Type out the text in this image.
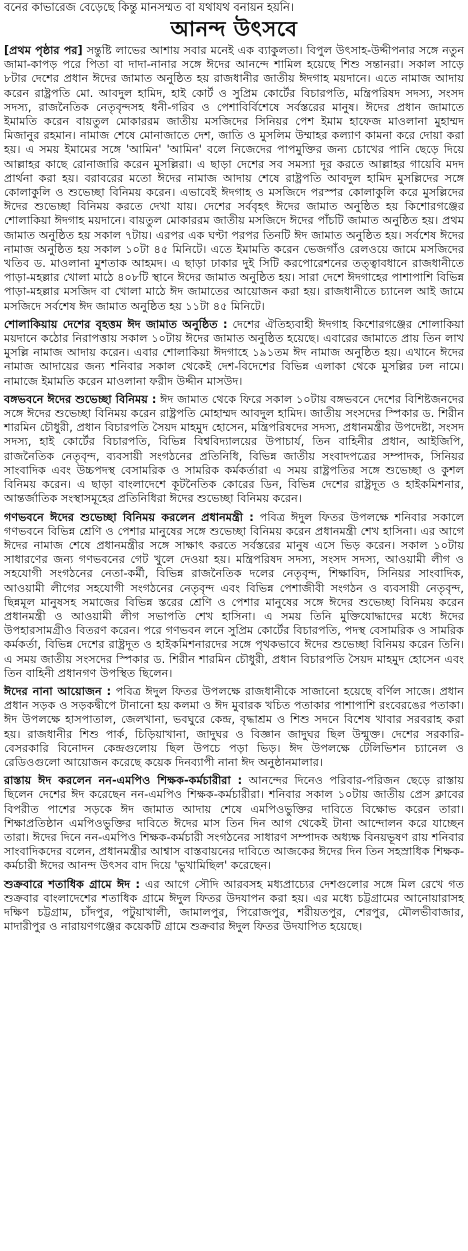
বনের কাভারেজ বেড়েছে কিন্তু মানসম্মত বা যথাযথ বনায়ন হয়নি।
আনন্দ উৎসবে

[প্রথম পৃষ্ঠার পর] সন্তুষ্টি লাভের আশায় সবার মনেই এক ব্যাকুলতা। বিপুল উৎসাহ-উদ্দীপনার সঙ্গে নতুন জামা-কাপড় পরে পিতা বা দাদা-নানার সঙ্গে ঈদের আনন্দে শামিল হয়েছে শিশু সন্তানরা। সকাল সাড়ে ৮টার দেশের প্রধান ঈদের জামাত অনুষ্ঠিত হয় রাজধানীর জাতীয় ঈদগাহ ময়দানে। এতে নামাজ আদায় করেন রাষ্ট্রপতি মো. আবদুল হামিদ, হাই কোর্ট ও সুপ্রিম কোর্টের বিচারপতি, মন্ত্রিপরিষদ সদস্য, সংসদ সদস্য, রাজনৈতিক নেতৃবৃন্দসহ ধনী-গরিব ও পেশাবির্বিশেষে সর্বস্তরের মানুষ। ঈদের প্রধান জামাতে ইমামতি করেন বায়তুল মোকাররম জাতীয় মসজিদের সিনিয়র পেশ ইমাম হাফেজ মাওলানা মুহাম্মদ মিজানুর রহমান। নামাজ শেষে মোনাজাতে দেশ, জাতি ও মুসলিম উম্মাহর কল্যাণ কামনা করে দোয়া করা হয়। এ সময় ইমামের সঙ্গে 'আমিন' 'আমিন' বলে নিজেদের পাপমুক্তির জন্য চোখের পানি ছেড়ে দিয়ে আল্লাহর কাছে রোনাজারি করেন মুসল্লিরা। এ ছাড়া দেশের সব সমস্যা দূর করতে আল্লাহর গায়েবি মদদ প্রার্থনা করা হয়। বরাবরের মতো ঈদের নামাজ আদায় শেষে রাষ্ট্রপতি আবদুল হামিদ মুসল্লিদের সঙ্গে কোলাকুলি ও শুভেচ্ছা বিনিময় করেন। এভাবেই ঈদগাহ ও মসজিদে পরস্পর কোলাকুলি করে মুসল্লিদের ঈদের শুভেচ্ছা বিনিময় করতে দেখা যায়। দেশের সর্ববৃহৎ ঈদের জামাত অনুষ্ঠিত হয় কিশোরগঞ্জের শোলাকিয়া ঈদগাহ ময়দানে। বায়তুল মোকাররম জাতীয় মসজিদে ঈদের পাঁচটি জামাত অনুষ্ঠিত হয়। প্রথম জামাত অনুষ্ঠিত হয় সকাল ৭টায়। এরপর এক ঘণ্টা পরপর তিনটি ঈদ জামাত অনুষ্ঠিত হয়। সর্বশেষ ঈদের নামাজ অনুষ্ঠিত হয় সকাল ১০টা ৪৫ মিনিটে। এতে ইমামতি করেন ভেজগাঁও রেলওয়ে জামে মসজিদের খতিব ড. মাওলানা মুশতাক আহমদ। এ ছাড়া ঢাকার দুই সিটি করপোরেশনের তত্ত্বাবধানে রাজধানীতে পাড়া-মহল্লার খোলা মাঠে ৪০৮টি স্থানে ঈদের জামাত অনুষ্ঠিত হয়। সারা দেশে ঈদগাহের পাশাপাশি বিভিন্ন পাড়া-মহল্লার মসজিদ বা খোলা মাঠে ঈদ জামাতের আয়োজন করা হয়। রাজধানীতে চ্যানেল আই জামে মসজিদে সর্বশেষ ঈদ জামাত অনুষ্ঠিত হয় ১১টা ৪৫ মিনিটে।

শোলাকিয়ায় দেশের বৃহত্তম ঈদ জামাত অনুষ্ঠিত : দেশের ঐতিহ্যবাহী ঈদগাহ কিশোরগঞ্জের শোলাকিয়া ময়দানে কঠোর নিরাপত্তায় সকাল ১০টায় ঈদের জামাত অনুষ্ঠিত হয়েছে। এবারের জামাতে প্রায় তিন লাখ মুসল্লি নামাজ আদায় করেন। এবার শোলাকিয়া ঈদগাহে ১৯১তম ঈদ নামাজ অনুষ্ঠিত হয়। এখানে ঈদের নামাজ আদায়ের জন্য শনিবার সকাল থেকেই দেশ-বিদেশের বিভিন্ন এলাকা থেকে মুসল্লির ঢল নামে। নামাজে ইমামতি করেন মাওলানা ফরীদ উদ্দীন মাসউদ।

বঙ্গভবনে ঈদের শুভেচ্ছা বিনিময় : ঈদ জামাত থেকে ফিরে সকাল ১০টায় বঙ্গভবনে দেশের বিশিষ্টজনদের সঙ্গে ঈদের শুভেচ্ছা বিনিময় করেন রাষ্ট্রপতি মোহাম্মদ আবদুল হামিদ। জাতীয় সংসদের স্পিকার ড. শিরীন শারমিন চৌধুরী, প্রধান বিচারপতি সৈয়দ মাহমুদ হোসেন, মন্ত্রিপরিষদের সদস্য, প্রধানমন্ত্রীর উপদেষ্টা, সংসদ সদস্য, হাই কোর্টের বিচারপতি, বিভিন্ন বিশ্ববিদ্যালয়ের উপাচার্য, তিন বাহিনীর প্রধান, আইজিপি, রাজনৈতিক নেতৃবৃন্দ, ব্যবসায়ী সংগঠনের প্রতিনিধি, বিভিন্ন জাতীয় সংবাদপত্রের সম্পাদক, সিনিয়র সাংবাদিক এবং উচ্চপদস্থ বেসামরিক ও সামরিক কর্মকর্তারা এ সময় রাষ্ট্রপতির সঙ্গে শুভেচ্ছা ও কুশল বিনিময় করেন। এ ছাড়া বাংলাদেশে কূটনৈতিক কোরের ডিন, বিভিন্ন দেশের রাষ্ট্রদূত ও হাইকমিশনার, আন্তর্জাতিক সংস্থাসমূহের প্রতিনিধিরা ঈদের শুভেচ্ছা বিনিময় করেন।

গণভবনে ঈদের শুভেচ্ছা বিনিময় করলেন প্রধানমন্ত্রী : পবিত্র ঈদুল ফিতর উপলক্ষে শনিবার সকালে গণভবনে বিভিন্ন শ্রেণি ও পেশার মানুষের সঙ্গে শুভেচ্ছা বিনিময় করেন প্রধানমন্ত্রী শেখ হাসিনা। এর আগে ঈদের নামাজ শেষে প্রধানমন্ত্রীর সঙ্গে সাক্ষাৎ করতে সর্বস্তরের মানুষ এসে ভিড় করেন। সকাল ১০টায় সাধারণের জন্য গণভবনের গেট খুলে দেওয়া হয়। মন্ত্রিপরিষদ সদস্য, সংসদ সদস্য, আওয়ামী লীগ ও সহযোগী সংগঠনের নেতা-কর্মী, বিভিন্ন রাজনৈতিক দলের নেতৃবৃন্দ, শিক্ষাবিদ, সিনিয়র সাংবাদিক, আওয়ামী লীগের সহযোগী সংগঠনের নেতৃবৃন্দ এবং বিভিন্ন পেশাজীবী সংগঠন ও ব্যবসায়ী নেতৃবৃন্দ, ছিন্নমূল মানুষসহ সমাজের বিভিন্ন স্তরের শ্রেণি ও পেশার মানুষের সঙ্গে ঈদের শুভেচ্ছা বিনিময় করেন প্রধানমন্ত্রী ও আওয়ামী লীগ সভাপতি শেখ হাসিনা। এ সময় তিনি মুক্তিযোদ্ধাদের মধ্যে ঈদের উপহারসামগ্রীও বিতরণ করেন। পরে গণভবন লনে সুপ্রিম কোর্টের বিচারপতি, পদস্থ বেসামরিক ও সামরিক কর্মকর্তা, বিভিন্ন দেশের রাষ্ট্রদূত ও হাইকমিশনারদের সঙ্গে পৃথকভাবে ঈদের শুভেচ্ছা বিনিময় করেন তিনি। এ সময় জাতীয় সংসদের স্পিকার ড. শিরীন শারমিন চৌধুরী, প্রধান বিচারপতি সৈয়দ মাহমুদ হোসেন এবং তিন বাহিনী প্রধানগণ উপস্থিত ছিলেন।

ঈদের নানা আয়োজন : পবিত্র ঈদুল ফিতর উপলক্ষে রাজধানীকে সাজানো হয়েছে বর্ণিল সাজে। প্রধান প্রধান সড়ক ও সড়কদ্বীপে টানানো হয় কলমা ও ঈদ মুবারক খচিত পতাকার পাশাপাশি রংবেরঙের পতাকা। ঈদ উপলক্ষে হাসপাতাল, জেলখানা, ভবঘুরে কেন্দ্র, বৃদ্ধাশ্রম ও শিশু সদনে বিশেষ খাবার সরবরাহ করা হয়। রাজধানীর শিশু পার্ক, চিড়িয়াখানা, জাদুঘর ও বিজ্ঞান জাদুঘর ছিল উন্মুক্ত। দেশের সরকারি-বেসরকারি বিনোদন কেন্দ্রগুলোয় ছিল উপচে পড়া ভিড়। ঈদ উপলক্ষে টেলিভিশন চ্যানেল ও রেডিওগুলো আয়োজন করেছে কয়েক দিনব্যাপী নানা ঈদ অনুষ্ঠানমালার।

রাস্তায় ঈদ করলেন নন-এমপিও শিক্ষক-কর্মচারীরা : আনন্দের দিনেও পরিবার-পরিজন ছেড়ে রাস্তায় ছিলেন দেশের ঈদ করেছেন নন-এমপিও শিক্ষক-কর্মচারীরা। শনিবার সকাল ১০টায় জাতীয় প্রেস ক্লাবের বিপরীত পাশের সড়কে ঈদ জামাত আদায় শেষে এমপিওভুক্তির দাবিতে বিক্ষোভ করেন তারা। শিক্ষাপ্রতিষ্ঠান এমপিওভুক্তির দাবিতে ঈদের মাস তিন দিন আগ থেকেই টানা আন্দোলন করে যাচ্ছেন তারা। ঈদের দিনে নন-এমপিও শিক্ষক-কর্মচারী সংগঠনের সাধারণ সম্পাদক অধ্যক্ষ বিনয়ভূষণ রায় শনিবার সাংবাদিকদের বলেন, প্রধানমন্ত্রীর আশ্বাস বাস্তবায়নের দাবিতে আজকের ঈদের দিন তিন সহস্রাধিক শিক্ষক-কর্মচারী ঈদের আনন্দ উৎসব বাদ দিয়ে 'ভুখামিছিল' করেছেন।

শুক্রবারে শতাধিক গ্রামে ঈদ : এর আগে সৌদি আরবসহ মধ্যপ্রাচ্যের দেশগুলোর সঙ্গে মিল রেখে গত শুক্রবার বাংলাদেশের শতাধিক গ্রামে ঈদুল ফিতর উদযাপন করা হয়। এর মধ্যে চট্টগ্রামের আনোয়ারাসহ দক্ষিণ চট্টগ্রাম, চাঁদপুর, পটুয়াখালী, জামালপুর, পিরোজপুর, শরীয়তপুর, শেরপুর, মৌলভীবাজার, মাদারীপুর ও নারায়ণগঞ্জের কয়েকটি গ্রামে শুক্রবার ঈদুল ফিতর উদযাপিত হয়েছে।
